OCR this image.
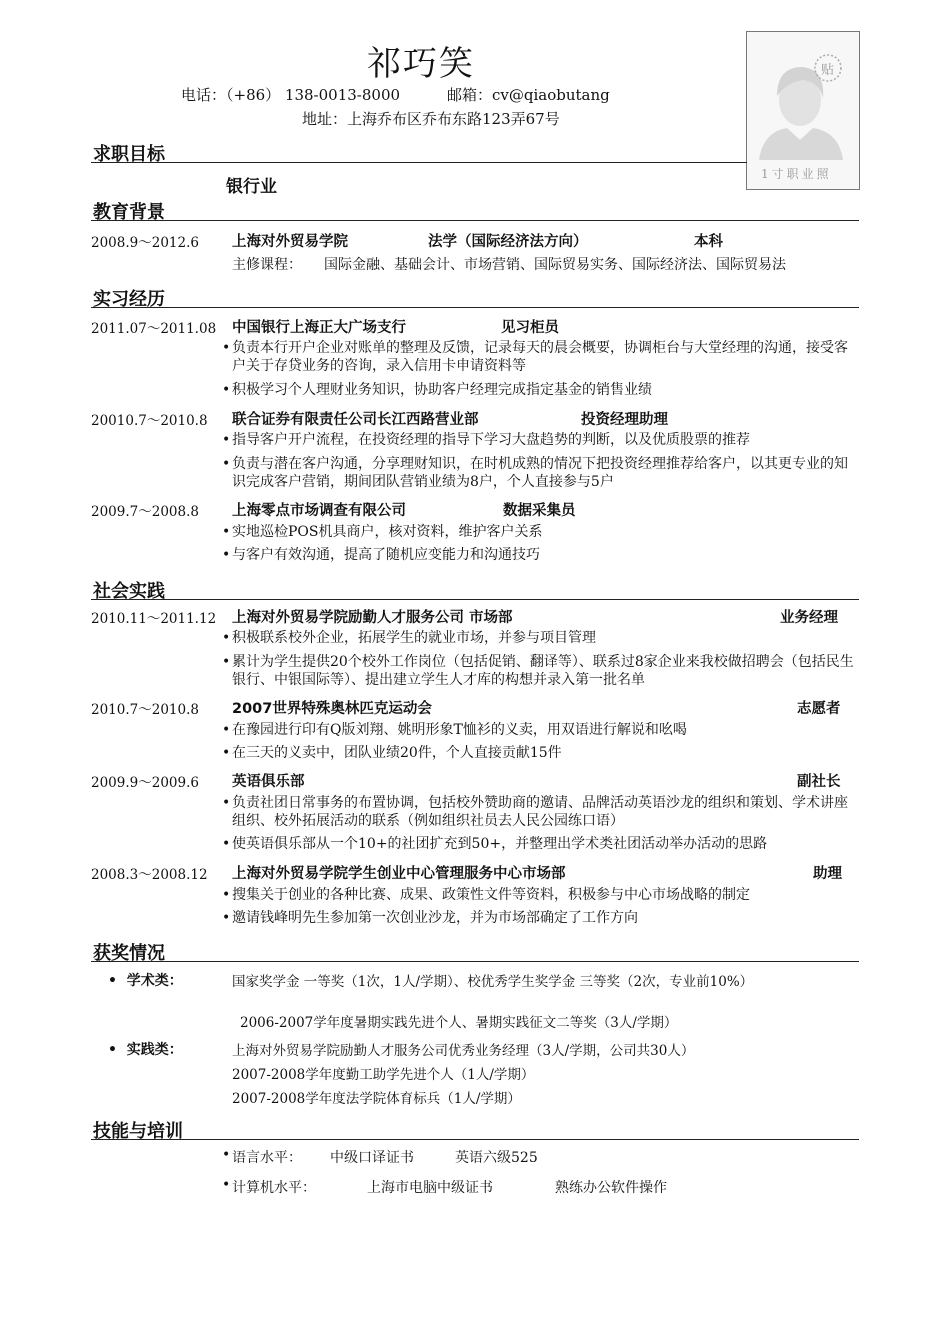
祁巧笑
电话：（+86） 138-0013-8000	邮箱：cv@qiaobutang
地址：上海乔布区乔布东路123弄67号
贴
1寸职业照
求职目标
银行业
教育背景
2008.9～2012.6 上海对外贸易学院	法学（国际经济法方向）	本科
主修课程： 国际金融、基础会计、市场营销、国际贸易实务、国际经济法、国际贸易法
实习经历
2011.07～2011.08 中国银行上海正大广场支行	见习柜员
• 负责本行开户企业对账单的整理及反馈，记录每天的晨会概要，协调柜台与大堂经理的沟通，接受客户关于存贷业务的咨询，录入信用卡申请资料等
• 积极学习个人理财业务知识，协助客户经理完成指定基金的销售业绩
20010.7～2010.8 联合证券有限责任公司长江西路营业部	投资经理助理
• 指导客户开户流程，在投资经理的指导下学习大盘趋势的判断，以及优质股票的推荐
• 负责与潜在客户沟通，分享理财知识，在时机成熟的情况下把投资经理推荐给客户，以其更专业的知识完成客户营销，期间团队营销业绩为8户，个人直接参与5户
2009.7～2008.8 上海零点市场调查有限公司	数据采集员
• 实地巡检POS机具商户，核对资料，维护客户关系
• 与客户有效沟通，提高了随机应变能力和沟通技巧
社会实践
2010.11～2011.12 上海对外贸易学院励勤人才服务公司 市场部	业务经理
• 积极联系校外企业，拓展学生的就业市场，并参与项目管理
• 累计为学生提供20个校外工作岗位（包括促销、翻译等）、联系过8家企业来我校做招聘会（包括民生银行、中银国际等）、提出建立学生人才库的构想并录入第一批名单
2010.7～2010.8 2007世界特殊奥林匹克运动会	志愿者
• 在豫园进行印有Q版刘翔、姚明形象T恤衫的义卖，用双语进行解说和吆喝
• 在三天的义卖中，团队业绩20件，个人直接贡献15件
2009.9～2009.6 英语俱乐部	副社长
• 负责社团日常事务的布置协调，包括校外赞助商的邀请、品牌活动英语沙龙的组织和策划、学术讲座组织、校外拓展活动的联系（例如组织社员去人民公园练口语）
• 使英语俱乐部从一个10+的社团扩充到50+，并整理出学术类社团活动举办活动的思路
2008.3～2008.12 上海对外贸易学院学生创业中心管理服务中心市场部	助理
• 搜集关于创业的各种比赛、成果、政策性文件等资料，积极参与中心市场战略的制定
• 邀请钱峰明先生参加第一次创业沙龙，并为市场部确定了工作方向
获奖情况
•  学术类：	国家奖学金 一等奖（1次，1人/学期）、校优秀学生奖学金 三等奖（2次，专业前10%）
2006-2007学年度暑期实践先进个人、暑期实践征文二等奖（3人/学期）
•  实践类：	上海对外贸易学院励勤人才服务公司优秀业务经理（3人/学期，公司共30人）
2007-2008学年度勤工助学先进个人（1人/学期）
2007-2008学年度法学院体育标兵（1人/学期）
技能与培训
• 语言水平： 中级口译证书	英语六级525
• 计算机水平：	上海市电脑中级证书	熟练办公软件操作
